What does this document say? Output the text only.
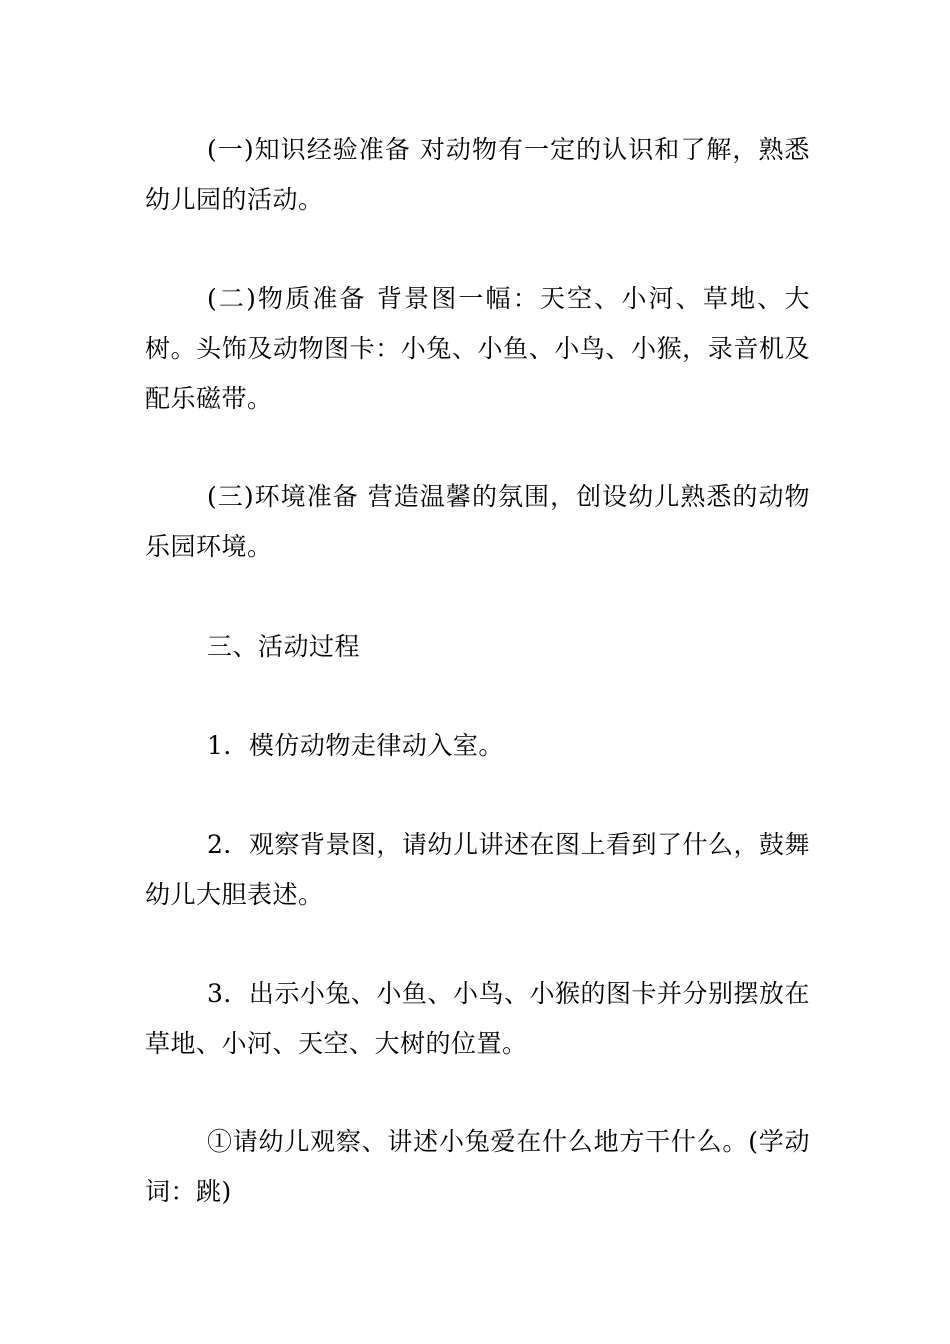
(一)知识经验准备 对动物有一定的认识和了解，熟悉幼儿园的活动。

(二)物质准备 背景图一幅：天空、小河、草地、大树。头饰及动物图卡：小兔、小鱼、小鸟、小猴，录音机及配乐磁带。

(三)环境准备 营造温馨的氛围，创设幼儿熟悉的动物乐园环境。

三、活动过程

1．模仿动物走律动入室。

2．观察背景图，请幼儿讲述在图上看到了什么，鼓舞幼儿大胆表述。

3．出示小兔、小鱼、小鸟、小猴的图卡并分别摆放在草地、小河、天空、大树的位置。

①请幼儿观察、讲述小兔爱在什么地方干什么。(学动词：跳)
